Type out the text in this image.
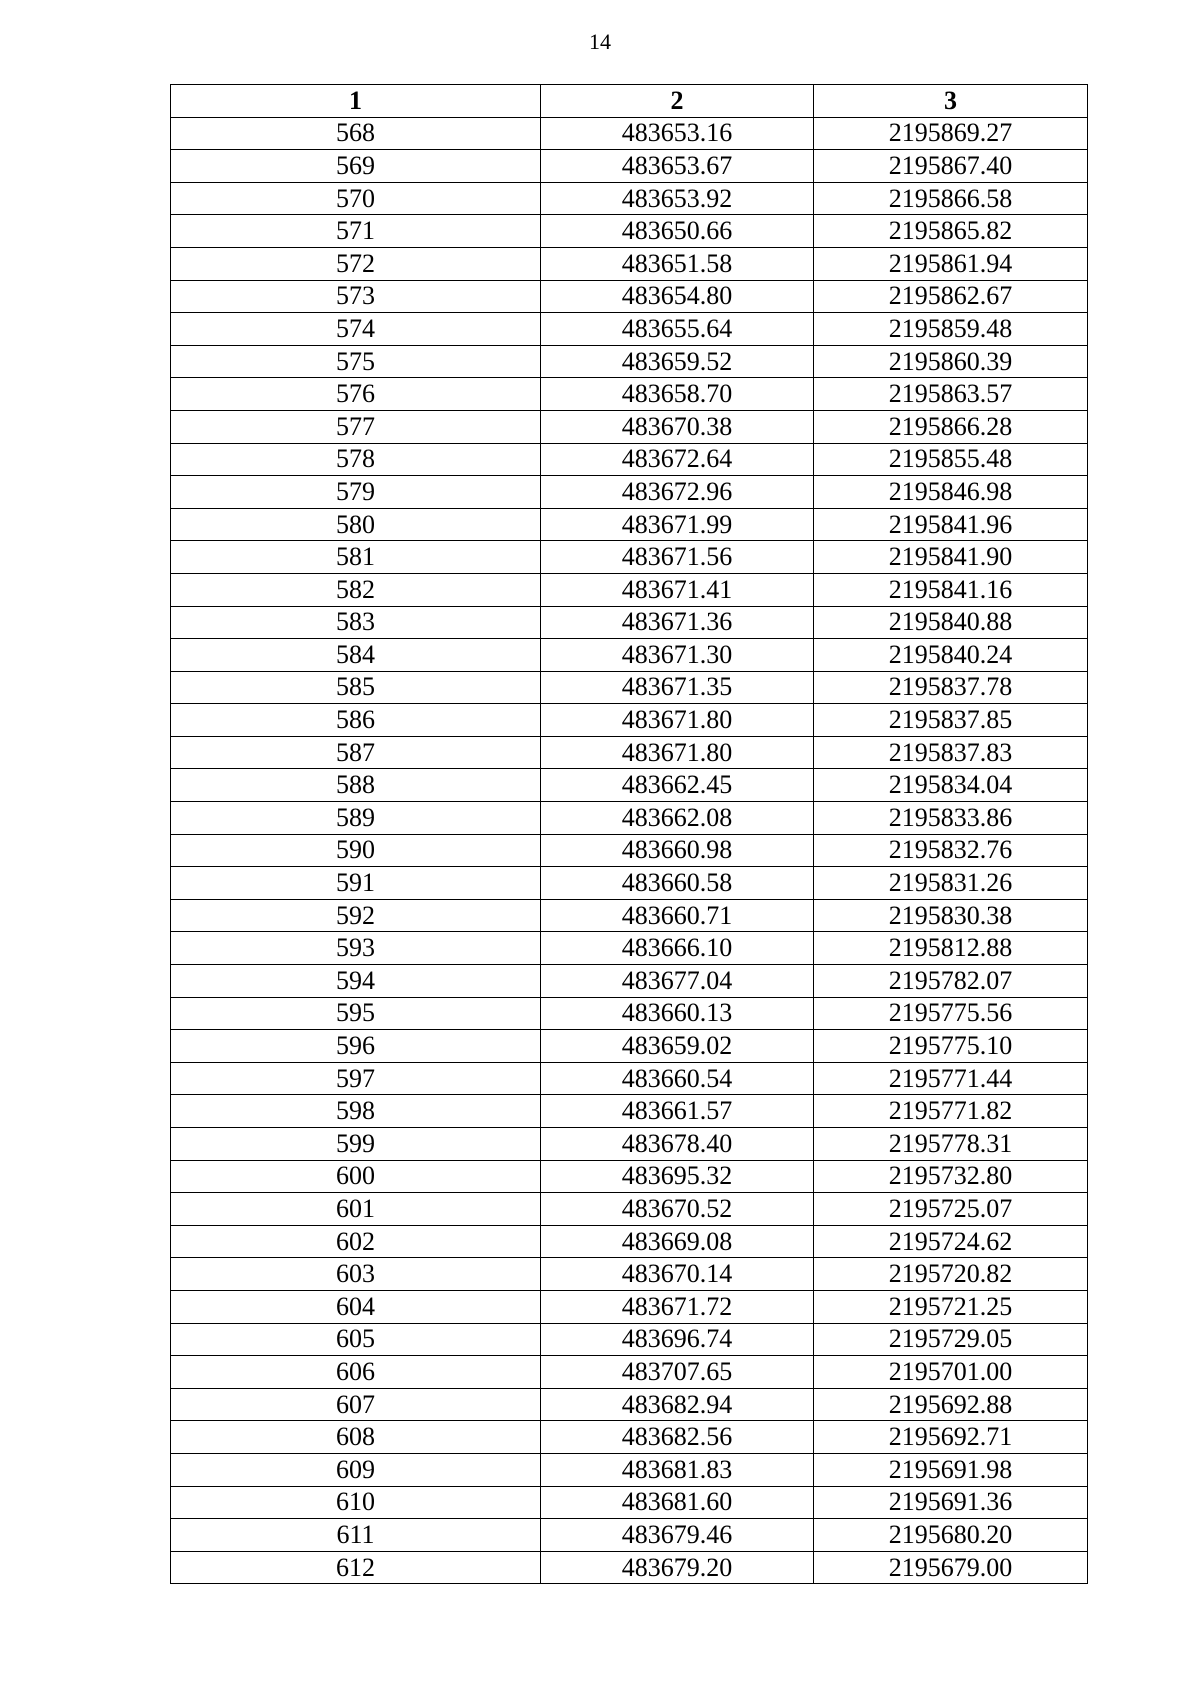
14
1	2	3
568	483653.16	2195869.27
569	483653.67	2195867.40
570	483653.92	2195866.58
571	483650.66	2195865.82
572	483651.58	2195861.94
573	483654.80	2195862.67
574	483655.64	2195859.48
575	483659.52	2195860.39
576	483658.70	2195863.57
577	483670.38	2195866.28
578	483672.64	2195855.48
579	483672.96	2195846.98
580	483671.99	2195841.96
581	483671.56	2195841.90
582	483671.41	2195841.16
583	483671.36	2195840.88
584	483671.30	2195840.24
585	483671.35	2195837.78
586	483671.80	2195837.85
587	483671.80	2195837.83
588	483662.45	2195834.04
589	483662.08	2195833.86
590	483660.98	2195832.76
591	483660.58	2195831.26
592	483660.71	2195830.38
593	483666.10	2195812.88
594	483677.04	2195782.07
595	483660.13	2195775.56
596	483659.02	2195775.10
597	483660.54	2195771.44
598	483661.57	2195771.82
599	483678.40	2195778.31
600	483695.32	2195732.80
601	483670.52	2195725.07
602	483669.08	2195724.62
603	483670.14	2195720.82
604	483671.72	2195721.25
605	483696.74	2195729.05
606	483707.65	2195701.00
607	483682.94	2195692.88
608	483682.56	2195692.71
609	483681.83	2195691.98
610	483681.60	2195691.36
611	483679.46	2195680.20
612	483679.20	2195679.00
